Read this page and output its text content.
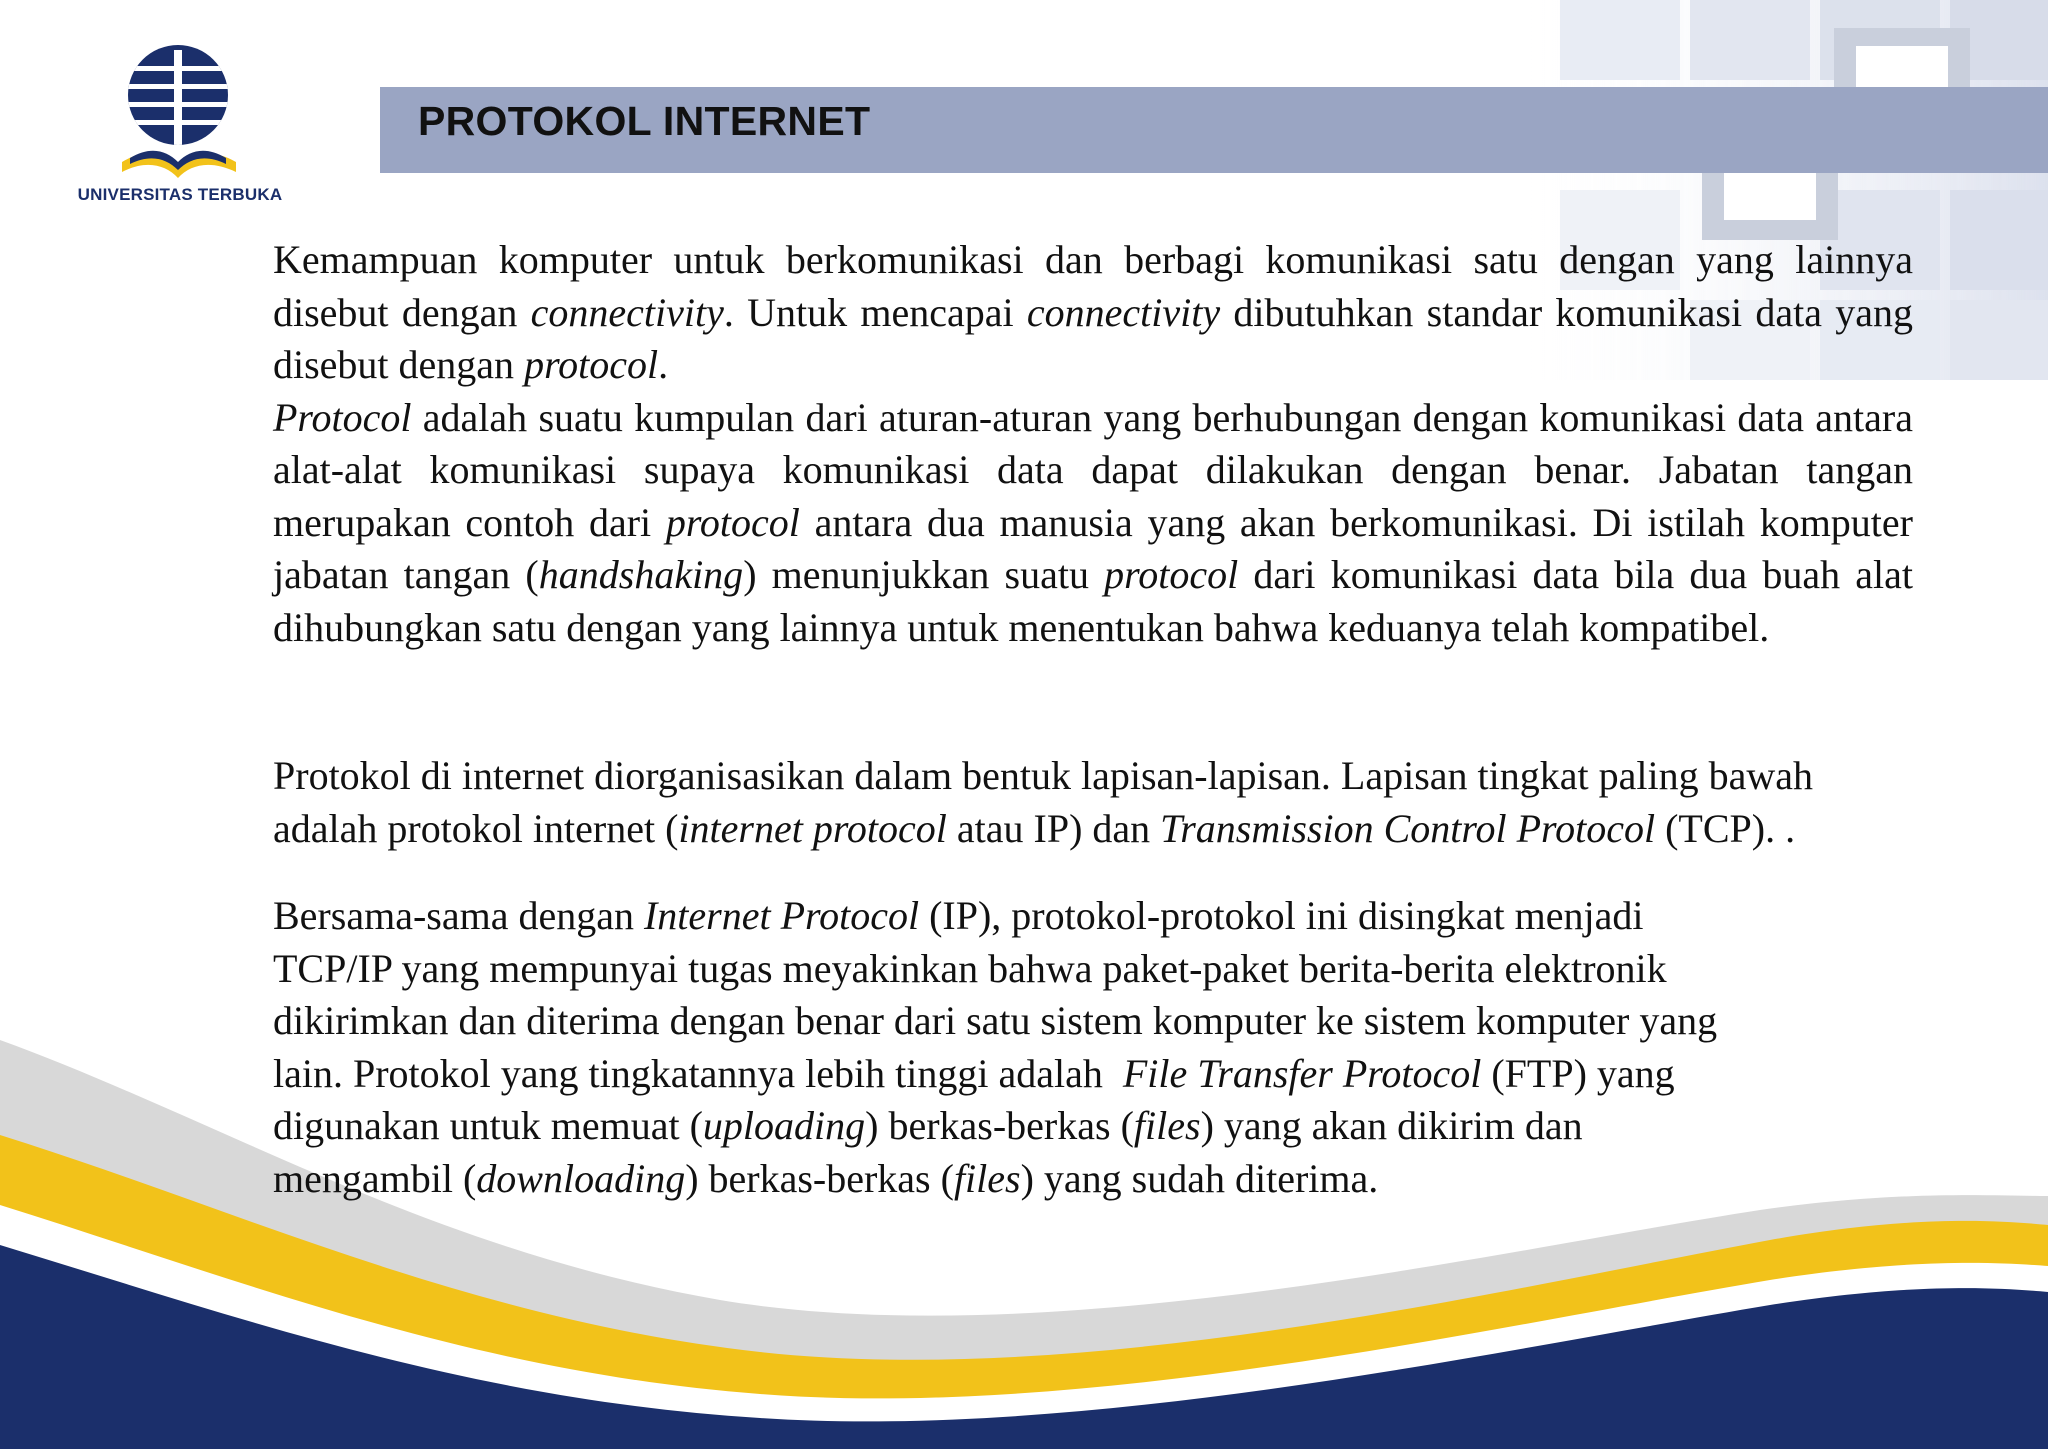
UNIVERSITAS TERBUKA
PROTOKOL INTERNET

Kemampuan komputer untuk berkomunikasi dan berbagi komunikasi satu dengan yang lainnya disebut dengan connectivity. Untuk mencapai connectivity dibutuhkan standar komunikasi data yang disebut dengan protocol.

Protocol adalah suatu kumpulan dari aturan-aturan yang berhubungan dengan komunikasi data antara alat-alat komunikasi supaya komunikasi data dapat dilakukan dengan benar. Jabatan tangan merupakan contoh dari protocol antara dua manusia yang akan berkomunikasi. Di istilah komputer jabatan tangan (handshaking) menunjukkan suatu protocol dari komunikasi data bila dua buah alat dihubungkan satu dengan yang lainnya untuk menentukan bahwa keduanya telah kompatibel.

Protokol di internet diorganisasikan dalam bentuk lapisan-lapisan. Lapisan tingkat paling bawah
adalah protokol internet (internet protocol atau IP) dan Transmission Control Protocol (TCP). .

Bersama-sama dengan Internet Protocol (IP), protokol-protokol ini disingkat menjadi
TCP/IP yang mempunyai tugas meyakinkan bahwa paket-paket berita-berita elektronik
dikirimkan dan diterima dengan benar dari satu sistem komputer ke sistem komputer yang
lain. Protokol yang tingkatannya lebih tinggi adalah  File Transfer Protocol (FTP) yang
digunakan untuk memuat (uploading) berkas-berkas (files) yang akan dikirim dan
mengambil (downloading) berkas-berkas (files) yang sudah diterima.
